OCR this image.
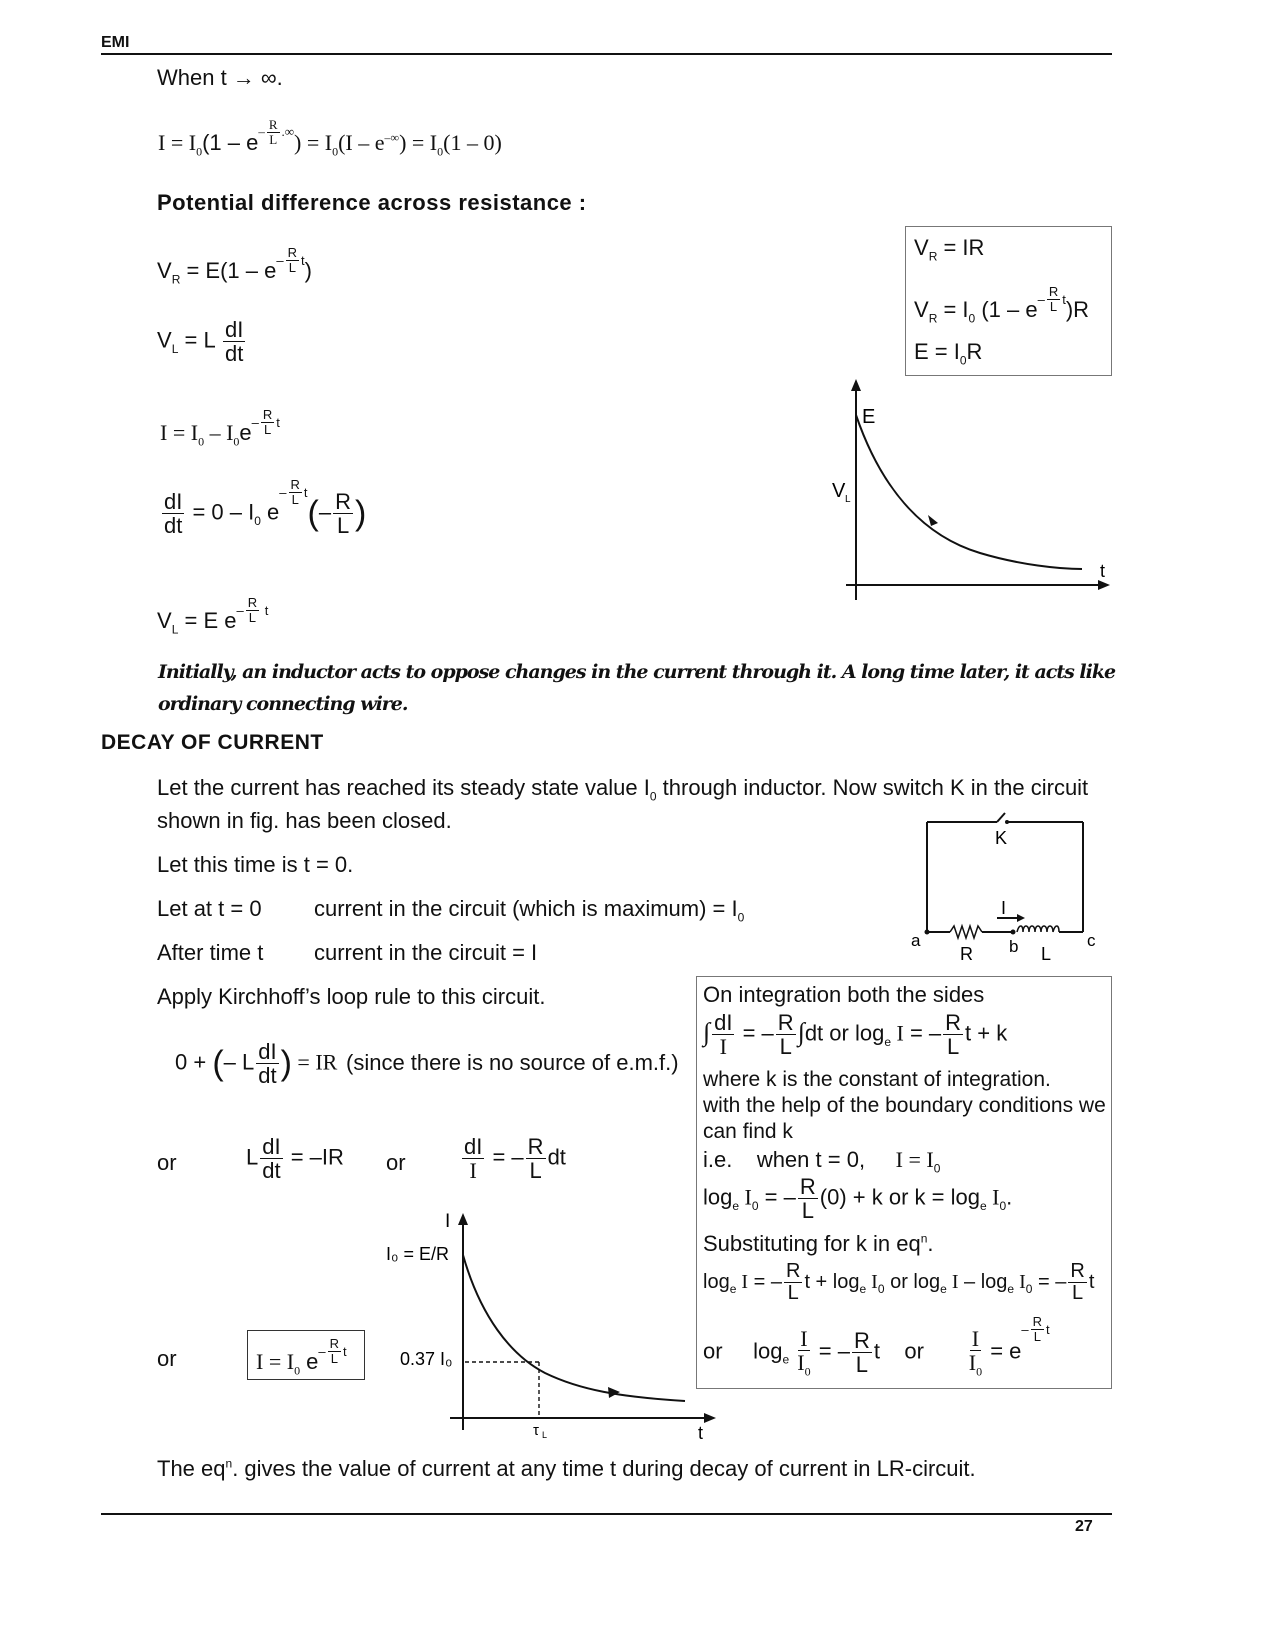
EMI
When t → ∞.
$I = I_0(1 - e- \frac{R}{L}$ .∞ ) = $I_0(I - e^{-\infty}) = I_0(1 - 0)$
Potential difference across resistance :
$V_R = E(1 - e- \frac{R}{L} t)$
$V_L = L \frac{dI}{dt}$
$I = I_0 - I_0e- \frac{R}{L}$ t
$\frac{dI}{dt} = 0 - I_0$ $e- \frac{R}{L} t(- \frac{R}{L}$ )
$V_L = E$ $e- \frac{R}{L}$ t
$V_R$ = IR
$V_R = I_0$ $(1 - e- \frac{R}{L} t)R$
$E = I_0R$
E
V L
t
Initially, an inductor acts to oppose changes in the current through it. A long time later, it acts like ordinary connecting wire.
DECAY OF CURRENT
Let the current has reached its steady state value $I_0$ through inductor. Now switch K in the circuit
shown in fig. has been closed.
Let this time is t = 0.
Let at t = 0 current in the circuit (which is maximum) = $I_0$
After time t current in the circuit = I
Apply Kirchhoff’s loop rule to this circuit.
K
I
a	b	c
R	L
0 + (– L $\frac{dI}{dt}$ ) = IR (since there is no source of e.m.f.)
or	L $\frac{dI}{dt} = -IR$ or	$\frac{dI}{I}$ = – $\frac{R}{L}$ dt
or	$I = I_0$ $e- \frac{R}{L}$ t
I
I₀ = E/R
0.37 I₀
τ L	t
On integration both the sides
∫ $\frac{dI}{I}$ = – $\frac{R}{L} \int dt$ or $\log_e I$ = – $\frac{R}{L}$ t + k
where k is the constant of integration.
with the help of the boundary conditions we
can find k
i.e. when t = 0, $I = I_0$
$\log_e I_0$ = – $\frac{R}{L} (0) + k$ or $k = \log_e I_0$.
Substituting for k in $eq^n$.
$\log_e I$ = – $\frac{R}{L}$ $t + \log_e I_0$ or $\log_e I - \log_e I_0$ = – $\frac{R}{L}$ t
or     $\log_e \frac{I}{I_0}$ = – $\frac{R}{L}$ t    or $\frac{I}{I_0} = e- \frac{R}{L}$ t
The $eq^n$. gives the value of current at any time t during decay of current in LR-circuit.
27
